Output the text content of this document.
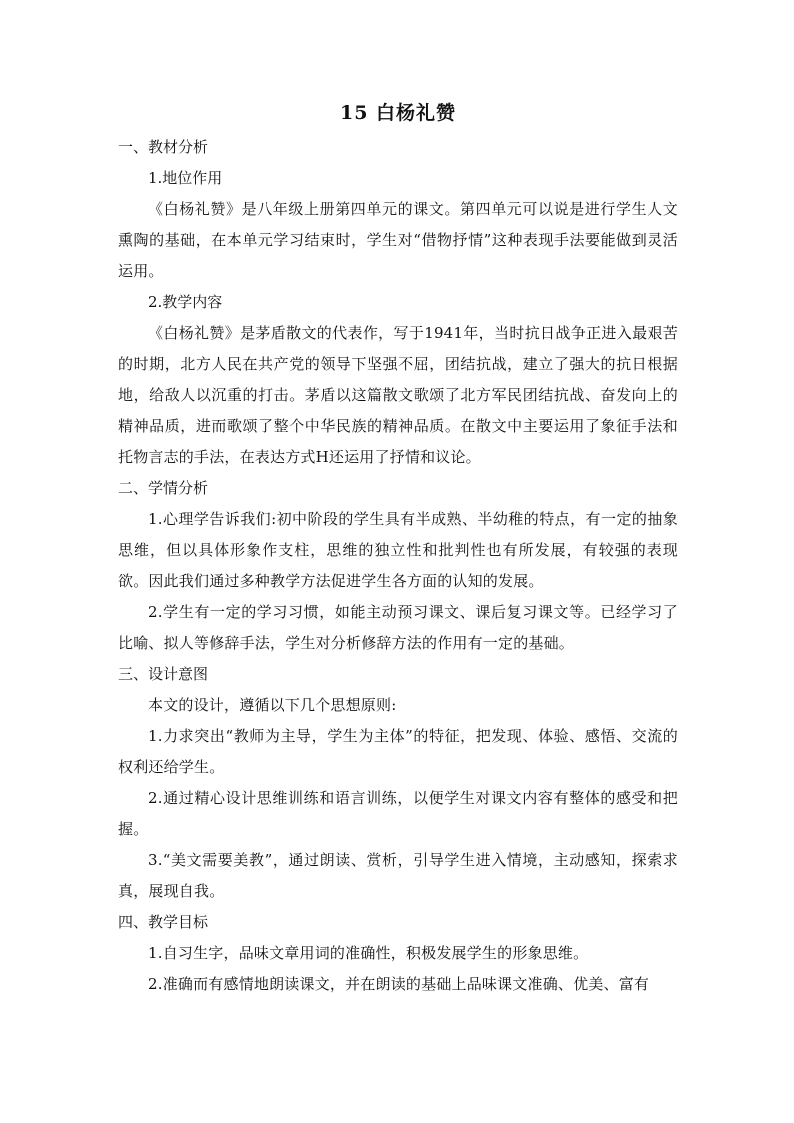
15 白杨礼赞

一、教材分析

1.地位作用

《白杨礼赞》是八年级上册第四单元的课文。第四单元可以说是进行学生人文熏陶的基础，在本单元学习结束时，学生对“借物抒情”这种表现手法要能做到灵活运用。

2.教学内容

《白杨礼赞》是茅盾散文的代表作，写于1941年，当时抗日战争正进入最艰苦的时期，北方人民在共产党的领导下坚强不屈，团结抗战，建立了强大的抗日根据地，给敌人以沉重的打击。茅盾以这篇散文歌颂了北方军民团结抗战、奋发向上的精神品质，进而歌颂了整个中华民族的精神品质。在散文中主要运用了象征手法和托物言志的手法，在表达方式H还运用了抒情和议论。

二、学情分析

1.心理学告诉我们:初中阶段的学生具有半成熟、半幼稚的特点，有一定的抽象思维，但以具体形象作支柱，思维的独立性和批判性也有所发展，有较强的表现欲。因此我们通过多种教学方法促进学生各方面的认知的发展。

2.学生有一定的学习习惯，如能主动预习课文、课后复习课文等。已经学习了比喻、拟人等修辞手法，学生对分析修辞方法的作用有一定的基础。

三、设计意图

本文的设计，遵循以下几个思想原则:

1.力求突出“教师为主导，学生为主体”的特征，把发现、体验、感悟、交流的权利还给学生。

2.通过精心设计思维训练和语言训练，以便学生对课文内容有整体的感受和把握。

3.“美文需要美教”，通过朗读、赏析，引导学生进入情境，主动感知，探索求真，展现自我。

四、教学目标

1.自习生字，品味文章用词的准确性，积极发展学生的形象思维。

2.准确而有感情地朗读课文，并在朗读的基础上品味课文准确、优美、富有
